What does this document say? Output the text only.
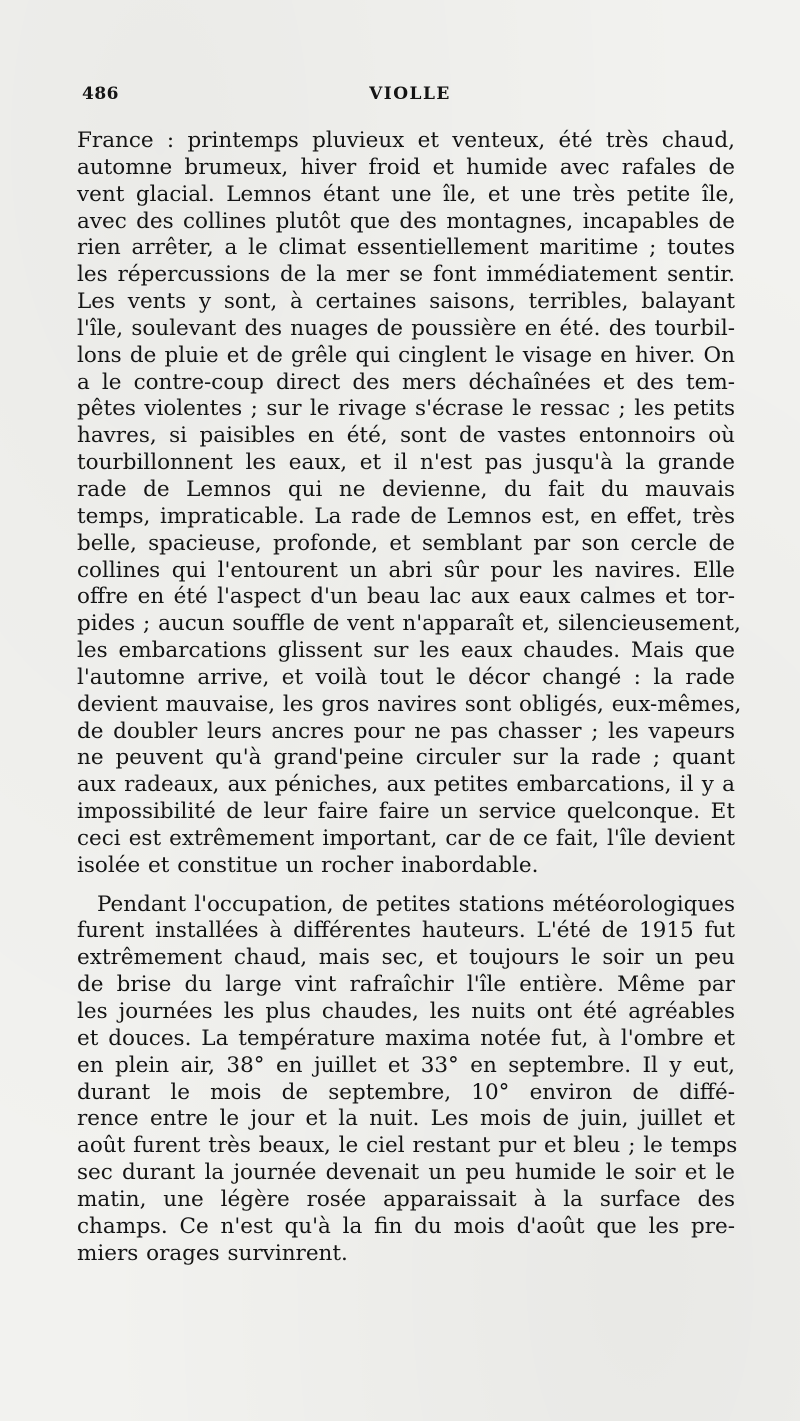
486	VIOLLE

France : printemps pluvieux et venteux, été très chaud,
automne brumeux, hiver froid et humide avec rafales de
vent glacial. Lemnos étant une île, et une très petite île,
avec des collines plutôt que des montagnes, incapables de
rien arrêter, a le climat essentiellement maritime ; toutes
les répercussions de la mer se font immédiatement sentir.
Les vents y sont, à certaines saisons, terribles, balayant
l'île, soulevant des nuages de poussière en été. des tourbil-
lons de pluie et de grêle qui cinglent le visage en hiver. On
a le contre-coup direct des mers déchaînées et des tem-
pêtes violentes ; sur le rivage s'écrase le ressac ; les petits
havres, si paisibles en été, sont de vastes entonnoirs où
tourbillonnent les eaux, et il n'est pas jusqu'à la grande
rade de Lemnos qui ne devienne, du fait du mauvais
temps, impraticable. La rade de Lemnos est, en effet, très
belle, spacieuse, profonde, et semblant par son cercle de
collines qui l'entourent un abri sûr pour les navires. Elle
offre en été l'aspect d'un beau lac aux eaux calmes et tor-
pides ; aucun souffle de vent n'apparaît et, silencieusement,
les embarcations glissent sur les eaux chaudes. Mais que
l'automne arrive, et voilà tout le décor changé : la rade
devient mauvaise, les gros navires sont obligés, eux-mêmes,
de doubler leurs ancres pour ne pas chasser ; les vapeurs
ne peuvent qu'à grand'peine circuler sur la rade ; quant
aux radeaux, aux péniches, aux petites embarcations, il y a
impossibilité de leur faire faire un service quelconque. Et
ceci est extrêmement important, car de ce fait, l'île devient
isolée et constitue un rocher inabordable.

Pendant l'occupation, de petites stations météorologiques
furent installées à différentes hauteurs. L'été de 1915 fut
extrêmement chaud, mais sec, et toujours le soir un peu
de brise du large vint rafraîchir l'île entière. Même par
les journées les plus chaudes, les nuits ont été agréables
et douces. La température maxima notée fut, à l'ombre et
en plein air, 38° en juillet et 33° en septembre. Il y eut,
durant le mois de septembre, 10° environ de diffé-
rence entre le jour et la nuit. Les mois de juin, juillet et
août furent très beaux, le ciel restant pur et bleu ; le temps
sec durant la journée devenait un peu humide le soir et le
matin, une légère rosée apparaissait à la surface des
champs. Ce n'est qu'à la fin du mois d'août que les pre-
miers orages survinrent.
